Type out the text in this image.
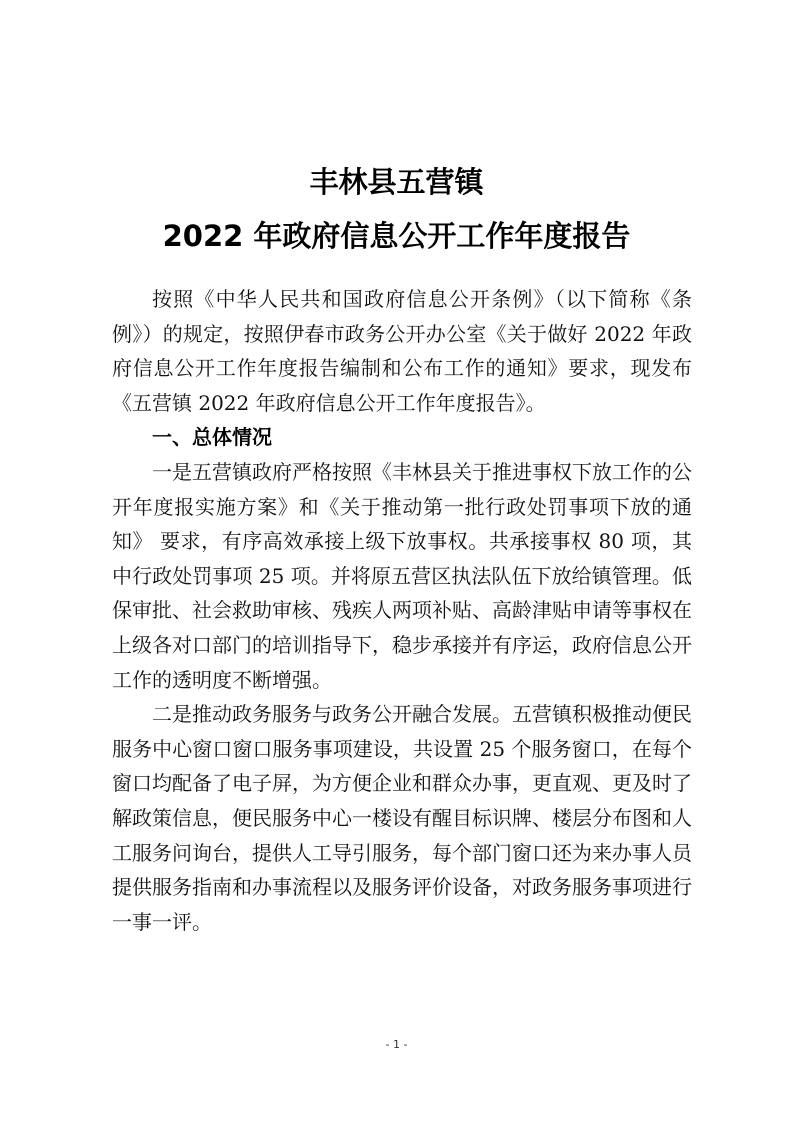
丰林县五营镇
2022 年政府信息公开工作年度报告

按照《中华人民共和国政府信息公开条例》（以下简称《条例》）的规定，按照伊春市政务公开办公室《关于做好 2022 年政府信息公开工作年度报告编制和公布工作的通知》要求，现发布《五营镇 2022 年政府信息公开工作年度报告》。

一、总体情况

一是五营镇政府严格按照《丰林县关于推进事权下放工作的公开年度报实施方案》和《关于推动第一批行政处罚事项下放的通知》 要求，有序高效承接上级下放事权。共承接事权 80 项，其中行政处罚事项 25 项。并将原五营区执法队伍下放给镇管理。低保审批、社会救助审核、残疾人两项补贴、高龄津贴申请等事权在上级各对口部门的培训指导下，稳步承接并有序运，政府信息公开工作的透明度不断增强。

二是推动政务服务与政务公开融合发展。五营镇积极推动便民服务中心窗口窗口服务事项建设，共设置 25 个服务窗口，在每个窗口均配备了电子屏，为方便企业和群众办事，更直观、更及时了解政策信息，便民服务中心一楼设有醒目标识牌、楼层分布图和人工服务问询台，提供人工导引服务，每个部门窗口还为来办事人员提供服务指南和办事流程以及服务评价设备，对政务服务事项进行一事一评。

- 1 -
